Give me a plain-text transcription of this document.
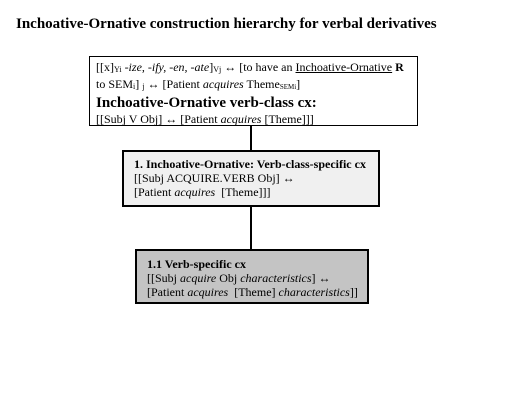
Inchoative-Ornative construction hierarchy for verbal derivatives
[[x]Yi -ize, -ify, -en, -ate]Vj ↔ [to have an Inchoative-Ornative R
to SEMi] j ↔ [Patient acquires ThemeSEMi]
Inchoative-Ornative verb-class cx:
[[Subj V Obj] ↔ [Patient acquires [Theme]]]
1. Inchoative-Ornative: Verb-class-specific cx
[[Subj ACQUIRE.VERB Obj] ↔
[Patient acquires  [Theme]]]
1.1 Verb-specific cx
[[Subj acquire Obj characteristics] ↔
[Patient acquires  [Theme] characteristics]]
